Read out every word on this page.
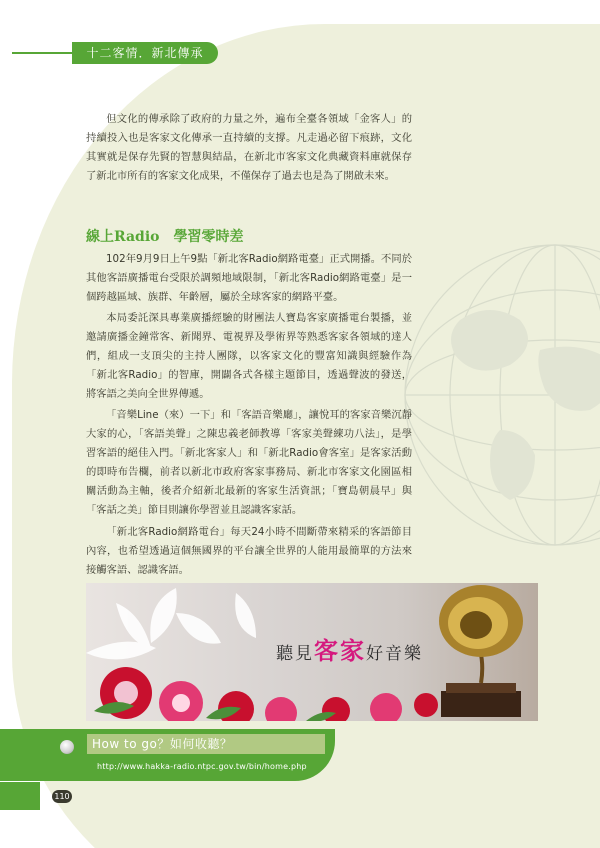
十二客情．新北傳承

但文化的傳承除了政府的力量之外，遍布全臺各領域「金客人」的持續投入也是客家文化傳承一直持續的支撐。凡走過必留下痕跡，文化其實就是保存先賢的智慧與結晶，在新北市客家文化典藏資料庫就保存了新北市所有的客家文化成果，不僅保存了過去也是為了開啟未來。

線上Radio　學習零時差

102年9月9日上午9點「新北客Radio網路電臺」正式開播。不同於其他客語廣播電台受限於調頻地域限制，「新北客Radio網路電臺」是一個跨越區域、族群、年齡層，屬於全球客家的網路平臺。

本局委託深具專業廣播經驗的財團法人寶島客家廣播電台製播，並邀請廣播金鐘常客、新聞界、電視界及學術界等熟悉客家各領域的達人們，組成一支頂尖的主持人團隊，以客家文化的豐富知識與經驗作為「新北客Radio」的智庫，開闢各式各樣主題節目，透過聲波的發送，將客語之美向全世界傳遞。

「音樂Line（來）一下」和「客語音樂廳」，讓悅耳的客家音樂沉靜大家的心，「客語美聲」之陳忠義老師教導「客家美聲練功八法」，是學習客語的絕佳入門。「新北客家人」和「新北Radio會客室」是客家活動的即時布告欄，前者以新北市政府客家事務局、新北市客家文化園區相關活動為主軸，後者介紹新北最新的客家生活資訊；「寶島朝晨早」與「客話之美」節目則讓你學習並且認識客家話。

「新北客Radio網路電台」每天24小時不間斷帶來精采的客語節目內容，也希望透過這個無國界的平台讓全世界的人能用最簡單的方法來接觸客語、認識客語。

聽見客家好音樂
How to go？如何收聽？
http://www.hakka-radio.ntpc.gov.tw/bin/home.php
110
